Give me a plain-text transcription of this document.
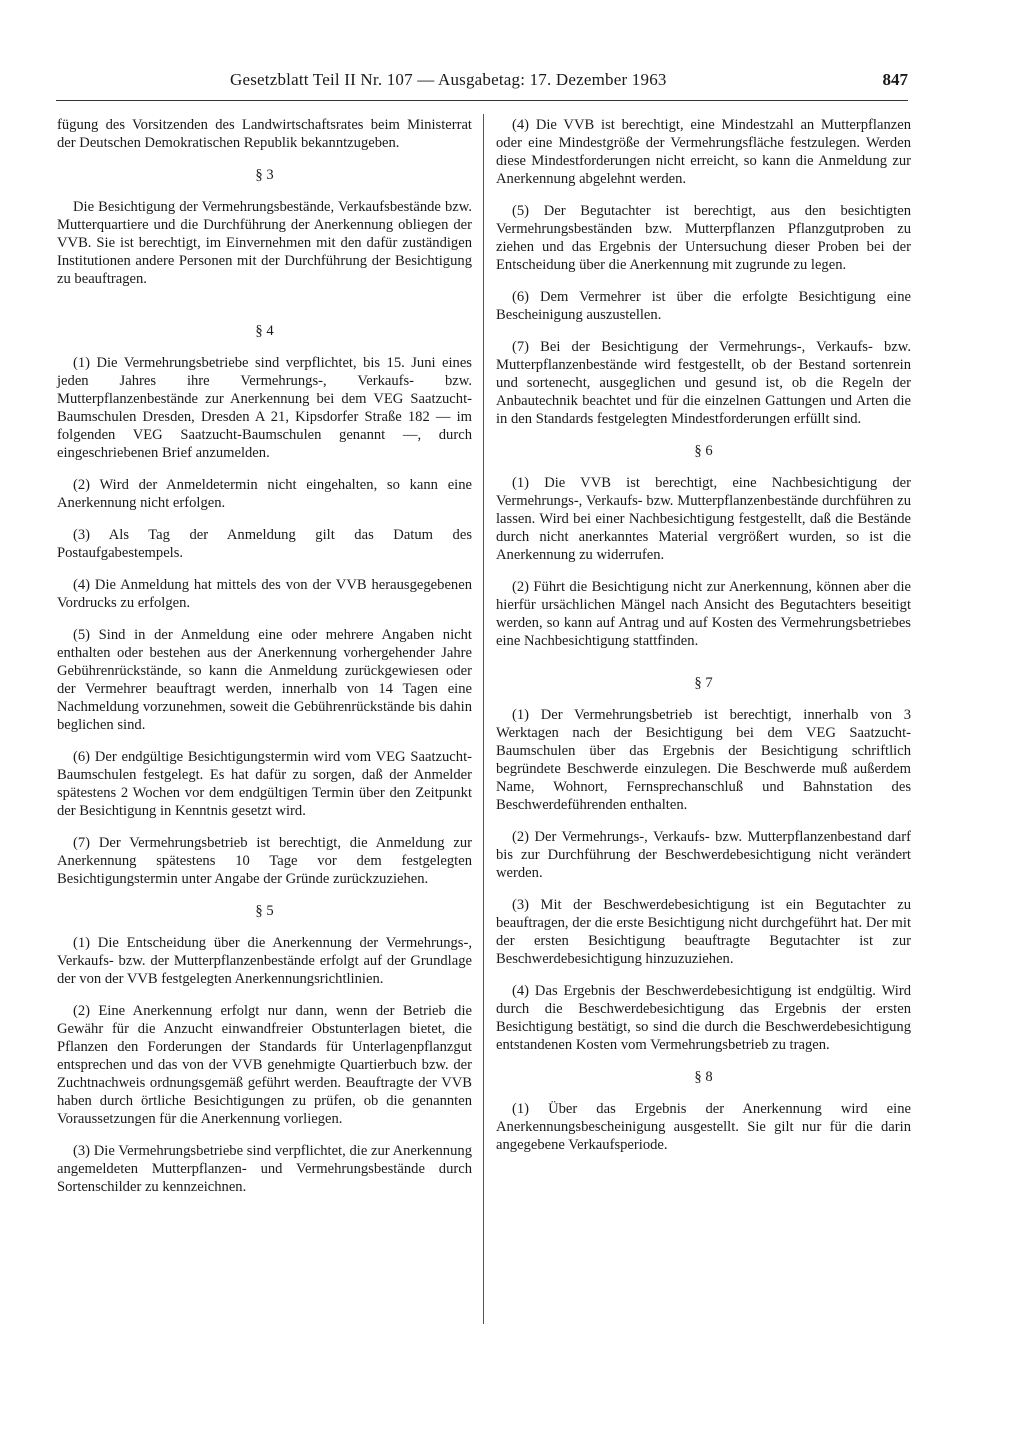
Gesetzblatt Teil II Nr. 107 — Ausgabetag: 17. Dezember 1963	847

fügung des Vorsitzenden des Landwirtschaftsrates beim Ministerrat der Deutschen Demokratischen Republik bekanntzugeben.

§ 3

Die Besichtigung der Vermehrungsbestände, Verkaufsbestände bzw. Mutterquartiere und die Durchführung der Anerkennung obliegen der VVB. Sie ist berechtigt, im Einvernehmen mit den dafür zuständigen Institutionen andere Personen mit der Durchführung der Besichtigung zu beauftragen.

§ 4

(1) Die Vermehrungsbetriebe sind verpflichtet, bis 15. Juni eines jeden Jahres ihre Vermehrungs-, Verkaufs- bzw. Mutterpflanzenbestände zur Anerkennung bei dem VEG Saatzucht-Baumschulen Dresden, Dresden A 21, Kipsdorfer Straße 182 — im folgenden VEG Saatzucht-Baumschulen genannt —, durch eingeschriebenen Brief anzumelden.

(2) Wird der Anmeldetermin nicht eingehalten, so kann eine Anerkennung nicht erfolgen.

(3) Als Tag der Anmeldung gilt das Datum des Postaufgabestempels.

(4) Die Anmeldung hat mittels des von der VVB herausgegebenen Vordrucks zu erfolgen.

(5) Sind in der Anmeldung eine oder mehrere Angaben nicht enthalten oder bestehen aus der Anerkennung vorhergehender Jahre Gebührenrückstände, so kann die Anmeldung zurückgewiesen oder der Vermehrer beauftragt werden, innerhalb von 14 Tagen eine Nachmeldung vorzunehmen, soweit die Gebührenrückstände bis dahin beglichen sind.

(6) Der endgültige Besichtigungstermin wird vom VEG Saatzucht-Baumschulen festgelegt. Es hat dafür zu sorgen, daß der Anmelder spätestens 2 Wochen vor dem endgültigen Termin über den Zeitpunkt der Besichtigung in Kenntnis gesetzt wird.

(7) Der Vermehrungsbetrieb ist berechtigt, die Anmeldung zur Anerkennung spätestens 10 Tage vor dem festgelegten Besichtigungstermin unter Angabe der Gründe zurückzuziehen.

§ 5

(1) Die Entscheidung über die Anerkennung der Vermehrungs-, Verkaufs- bzw. der Mutterpflanzenbestände erfolgt auf der Grundlage der von der VVB festgelegten Anerkennungsrichtlinien.

(2) Eine Anerkennung erfolgt nur dann, wenn der Betrieb die Gewähr für die Anzucht einwandfreier Obstunterlagen bietet, die Pflanzen den Forderungen der Standards für Unterlagenpflanzgut entsprechen und das von der VVB genehmigte Quartierbuch bzw. der Zuchtnachweis ordnungsgemäß geführt werden. Beauftragte der VVB haben durch örtliche Besichtigungen zu prüfen, ob die genannten Voraussetzungen für die Anerkennung vorliegen.

(3) Die Vermehrungsbetriebe sind verpflichtet, die zur Anerkennung angemeldeten Mutterpflanzen- und Vermehrungsbestände durch Sortenschilder zu kennzeichnen.

(4) Die VVB ist berechtigt, eine Mindestzahl an Mutterpflanzen oder eine Mindestgröße der Vermehrungsfläche festzulegen. Werden diese Mindestforderungen nicht erreicht, so kann die Anmeldung zur Anerkennung abgelehnt werden.

(5) Der Begutachter ist berechtigt, aus den besichtigten Vermehrungsbeständen bzw. Mutterpflanzen Pflanzgutproben zu ziehen und das Ergebnis der Untersuchung dieser Proben bei der Entscheidung über die Anerkennung mit zugrunde zu legen.

(6) Dem Vermehrer ist über die erfolgte Besichtigung eine Bescheinigung auszustellen.

(7) Bei der Besichtigung der Vermehrungs-, Verkaufs- bzw. Mutterpflanzenbestände wird festgestellt, ob der Bestand sortenrein und sortenecht, ausgeglichen und gesund ist, ob die Regeln der Anbautechnik beachtet und für die einzelnen Gattungen und Arten die in den Standards festgelegten Mindestforderungen erfüllt sind.

§ 6

(1) Die VVB ist berechtigt, eine Nachbesichtigung der Vermehrungs-, Verkaufs- bzw. Mutterpflanzenbestände durchführen zu lassen. Wird bei einer Nachbesichtigung festgestellt, daß die Bestände durch nicht anerkanntes Material vergrößert wurden, so ist die Anerkennung zu widerrufen.

(2) Führt die Besichtigung nicht zur Anerkennung, können aber die hierfür ursächlichen Mängel nach Ansicht des Begutachters beseitigt werden, so kann auf Antrag und auf Kosten des Vermehrungsbetriebes eine Nachbesichtigung stattfinden.

§ 7

(1) Der Vermehrungsbetrieb ist berechtigt, innerhalb von 3 Werktagen nach der Besichtigung bei dem VEG Saatzucht-Baumschulen über das Ergebnis der Besichtigung schriftlich begründete Beschwerde einzulegen. Die Beschwerde muß außerdem Name, Wohnort, Fernsprechanschluß und Bahnstation des Beschwerdeführenden enthalten.

(2) Der Vermehrungs-, Verkaufs- bzw. Mutterpflanzenbestand darf bis zur Durchführung der Beschwerdebesichtigung nicht verändert werden.

(3) Mit der Beschwerdebesichtigung ist ein Begutachter zu beauftragen, der die erste Besichtigung nicht durchgeführt hat. Der mit der ersten Besichtigung beauftragte Begutachter ist zur Beschwerdebesichtigung hinzuzuziehen.

(4) Das Ergebnis der Beschwerdebesichtigung ist endgültig. Wird durch die Beschwerdebesichtigung das Ergebnis der ersten Besichtigung bestätigt, so sind die durch die Beschwerdebesichtigung entstandenen Kosten vom Vermehrungsbetrieb zu tragen.

§ 8

(1) Über das Ergebnis der Anerkennung wird eine Anerkennungsbescheinigung ausgestellt. Sie gilt nur für die darin angegebene Verkaufsperiode.
